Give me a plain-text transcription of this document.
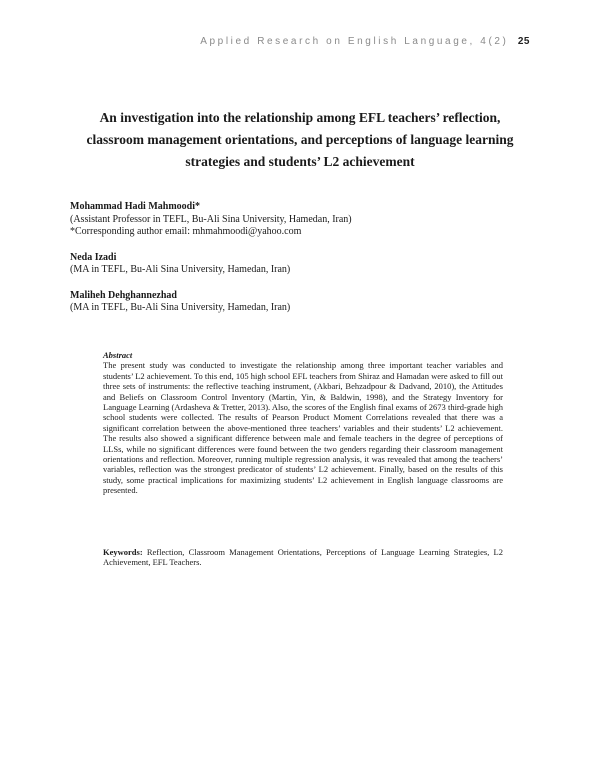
Applied Research on English Language, 4(2) 25
An investigation into the relationship among EFL teachers’ reflection,
classroom management orientations, and perceptions of language learning
strategies and students’ L2 achievement
Mohammad Hadi Mahmoodi*
(Assistant Professor in TEFL, Bu-Ali Sina University, Hamedan, Iran)
*Corresponding author email: mhmahmoodi@yahoo.com
Neda Izadi
(MA in TEFL, Bu-Ali Sina University, Hamedan, Iran)
Maliheh Dehghannezhad
(MA in TEFL, Bu-Ali Sina University, Hamedan, Iran)
Abstract
The present study was conducted to investigate the relationship among three important teacher variables and students’ L2 achievement. To this end, 105 high school EFL teachers from Shiraz and Hamadan were asked to fill out three sets of instruments: the reflective teaching instrument, (Akbari, Behzadpour & Dadvand, 2010), the Attitudes and Beliefs on Classroom Control Inventory (Martin, Yin, & Baldwin, 1998), and the Strategy Inventory for Language Learning (Ardasheva & Tretter, 2013). Also, the scores of the English final exams of 2673 third-grade high school students were collected. The results of Pearson Product Moment Correlations revealed that there was a significant correlation between the above-mentioned three teachers’ variables and their students’ L2 achievement. The results also showed a significant difference between male and female teachers in the degree of perceptions of LLSs, while no significant differences were found between the two genders regarding their classroom management orientations and reflection. Moreover, running multiple regression analysis, it was revealed that among the teachers’ variables, reflection was the strongest predicator of students’ L2 achievement. Finally, based on the results of this study, some practical implications for maximizing students’ L2 achievement in English language classrooms are presented.
Keywords: Reflection, Classroom Management Orientations, Perceptions of Language Learning Strategies, L2 Achievement, EFL Teachers.
